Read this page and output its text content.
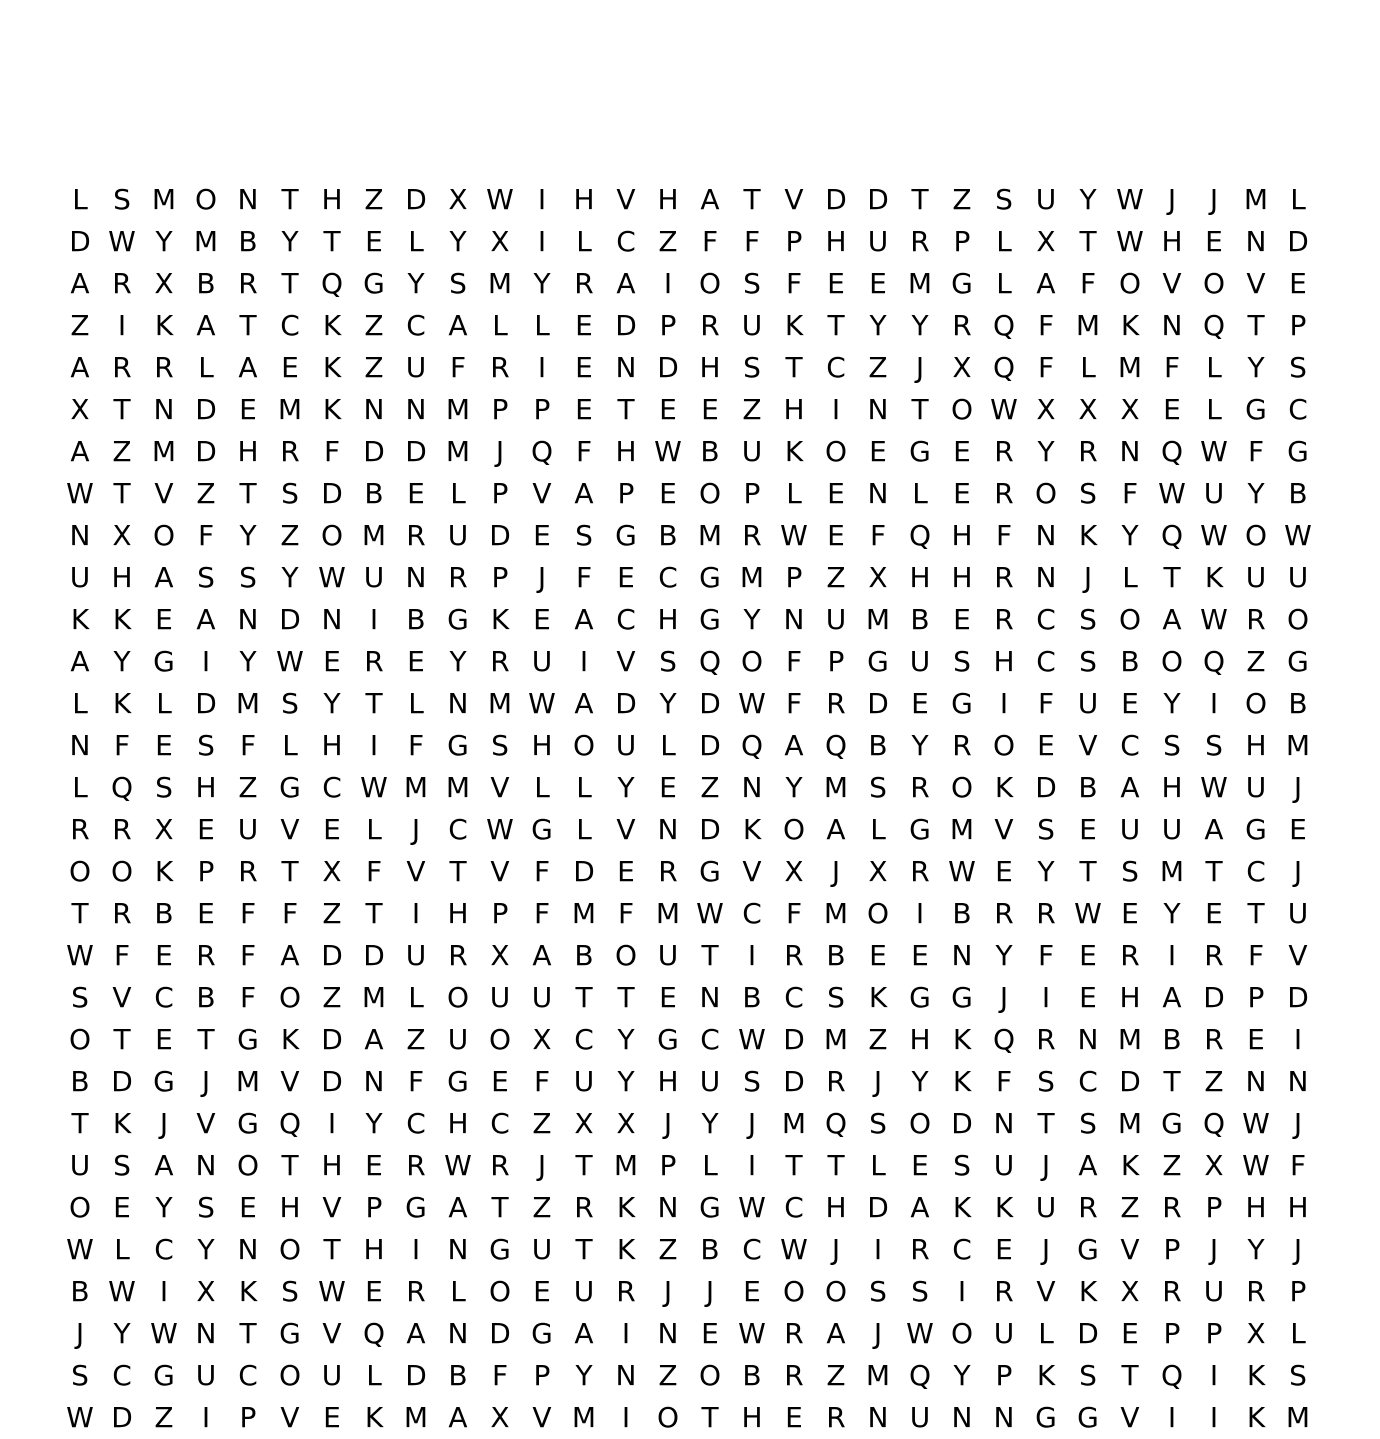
L S M O N T H Z D X W I H V H A T V D D T Z S U Y W J	J M L
D W Y M B Y T E L Y X	I	L C Z F F P H U R P L X T W H E N D
A R X B R T Q G Y S M Y R A	I O S F E E M G L A F O V O V E
Z	I	K A T C K Z C A L L E D P R U K T Y Y R Q F M K N Q T P
A R R L A E K Z U F R	I	E N D H S T C Z	J	X Q F L M F L Y S
X T N D E M K N N M P P E T E E Z H I N T O W X X X E L G C
A Z M D H R F D D M J Q F H W B U K O E G E R Y R N Q W F G
W T V Z T S D B E L P V A P E O P L E N L E R O S F W U Y B
N X O F Y Z O M R U D E S G B M R W E F Q H F N K Y Q W O W
U H A S S Y W U N R P	J	F E C G M P Z X H H R N J	L T K U U
K K E A N D N I	B G K E A C H G Y N U M B E R C S O A W R O
A Y G I	Y W E R E Y R U I	V S Q O F P G U S H C S B O Q Z G
L K L D M S Y T L N M W A D Y D W F R D E G I	F U E Y	I O B
N F E S F L H I	F G S H O U L D Q A Q B Y R O E V C S S H M
L Q S H Z G C W M M V L L Y E Z N Y M S R O K D B A H W U J
R R X E U V E L	J	C W G L V N D K O A L G M V S E U U A G E
O O K P R T X F V T V F D E R G V X	J	X R W E Y T S M T C	J
T R B E F F Z T	I H P F M F M W C F M O I	B R R W E Y E T U
W F E R F A D D U R X A B O U T	I	R B E E N Y F E R	I	R F V
S V C B F O Z M L O U U T T E N B C S K G G J	I	E H A D P D
O T E T G K D A Z U O X C Y G C W D M Z H K Q R N M B R E	I
B D G J M V D N F G E F U Y H U S D R	J	Y K F S C D T Z N N
T K	J	V G Q I	Y C H C Z X X	J	Y	J M Q S O D N T S M G Q W J
U S A N O T H E R W R	J	T M P L	I	T T L E S U J	A K Z X W F
O E Y S E H V P G A T Z R K N G W C H D A K K U R Z R P H H
W L C Y N O T H I N G U T K Z B C W J	I	R C E	J G V P	J	Y	J
B W I	X K S W E R L O E U R	J	J	E O O S S	I	R V K X R U R P
J	Y W N T G V Q A N D G A	I N E W R A	J W O U L D E P P X L
S C G U C O U L D B F P Y N Z O B R Z M Q Y P K S T Q I	K S
W D Z	I	P V E K M A X V M I O T H E R N U N N G G V	I	I	K M
